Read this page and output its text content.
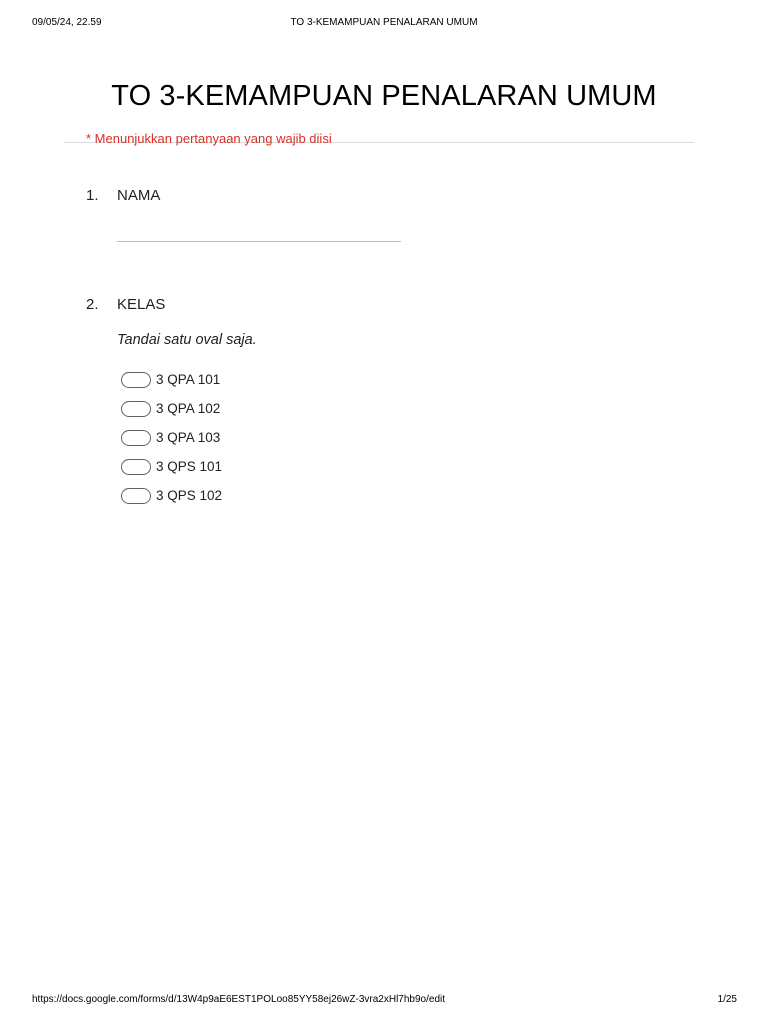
09/05/24, 22.59	TO 3-KEMAMPUAN PENALARAN UMUM
TO 3-KEMAMPUAN PENALARAN UMUM
* Menunjukkan pertanyaan yang wajib diisi
1. NAMA
2. KELAS
Tandai satu oval saja.
3 QPA 101
3 QPA 102
3 QPA 103
3 QPS 101
3 QPS 102
https://docs.google.com/forms/d/13W4p9aE6EST1POLoo85YY58ej26wZ-3vra2xHl7hb9o/edit	1/25
